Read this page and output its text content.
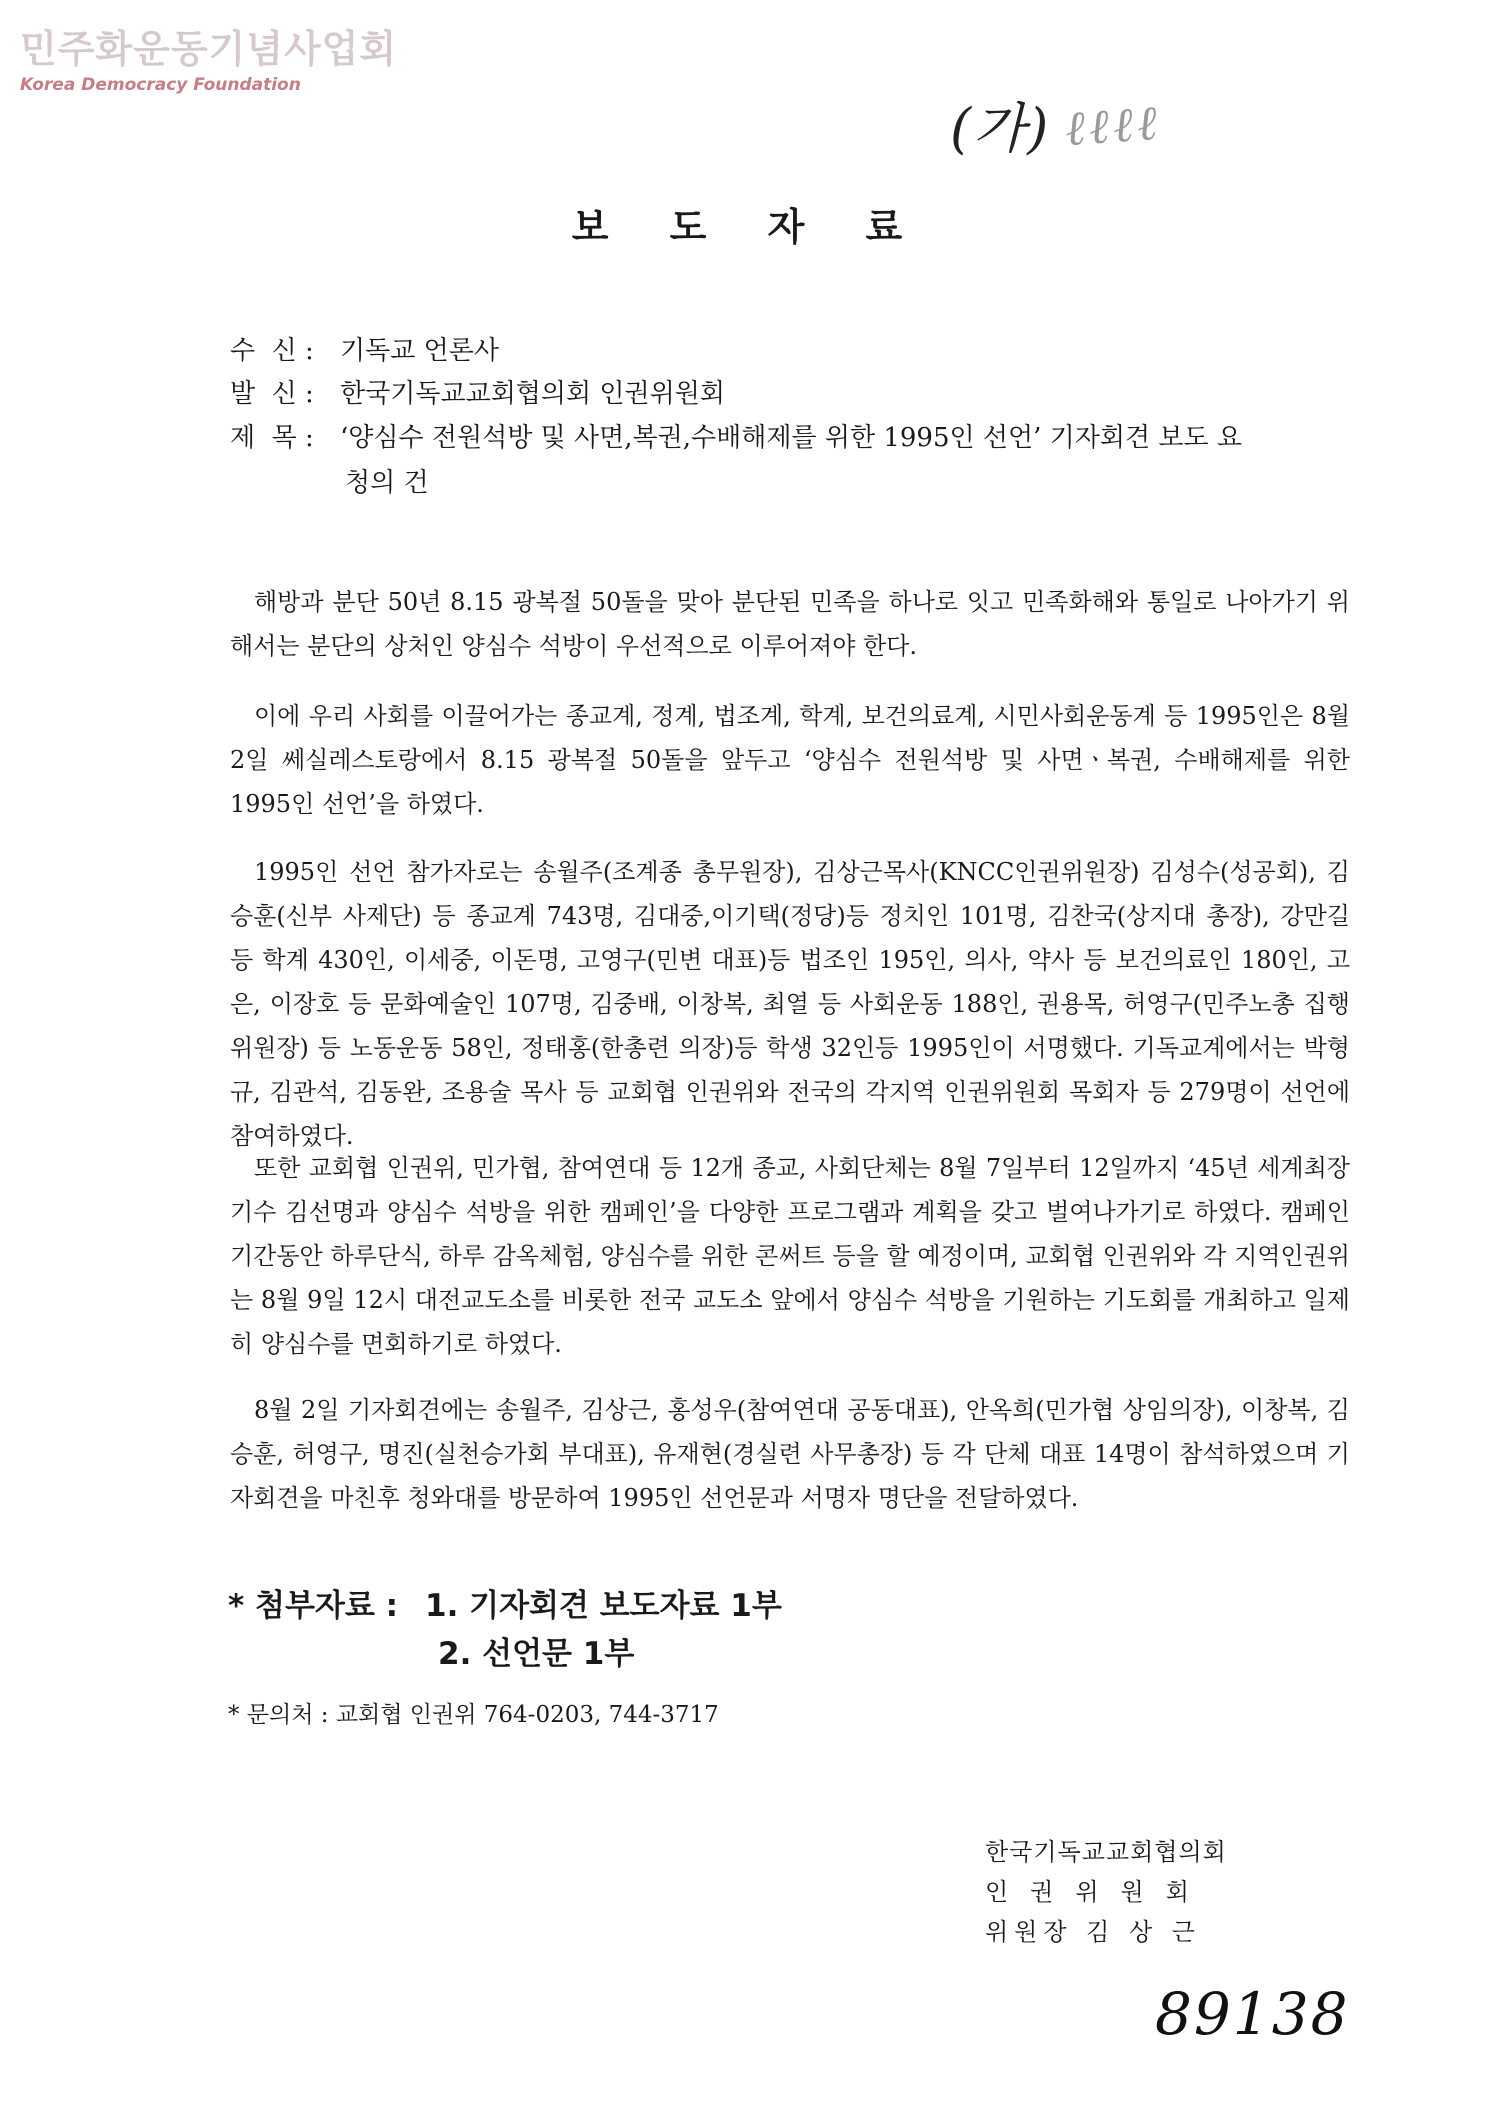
민주화운동기념사업회
Korea Democracy Foundation
(가) ℓℓℓℓ
보 도 자 료
수  신 : 기독교 언론사
발  신 : 한국기독교교회협의회 인권위원회
제  목 : ‘양심수 전원석방 및 사면,복권,수배해제를 위한 1995인 선언’ 기자회견 보도 요
청의 건
해방과 분단 50년 8.15 광복절 50돌을 맞아 분단된 민족을 하나로 잇고 민족화해와 통일로 나아가기 위해서는 분단의 상처인 양심수 석방이 우선적으로 이루어져야 한다.
이에 우리 사회를 이끌어가는 종교계, 정계, 법조계, 학계, 보건의료계, 시민사회운동계 등 1995인은 8월 2일 쎄실레스토랑에서 8.15 광복절 50돌을 앞두고 ‘양심수 전원석방 및 사면ㆍ복권, 수배해제를 위한 1995인 선언’을 하였다.
1995인 선언 참가자로는 송월주(조계종 총무원장), 김상근목사(KNCC인권위원장) 김성수(성공회), 김승훈(신부 사제단) 등 종교계 743명, 김대중,이기택(정당)등 정치인 101명, 김찬국(상지대 총장), 강만길 등 학계 430인, 이세중, 이돈명, 고영구(민변 대표)등 법조인 195인, 의사, 약사 등 보건의료인 180인, 고은, 이장호 등 문화예술인 107명, 김중배, 이창복, 최열 등 사회운동 188인, 권용목, 허영구(민주노총 집행위원장) 등 노동운동 58인, 정태홍(한총련 의장)등 학생 32인등 1995인이 서명했다. 기독교계에서는 박형규, 김관석, 김동완, 조용술 목사 등 교회협 인권위와 전국의 각지역 인권위원회 목회자 등 279명이 선언에 참여하였다.
또한 교회협 인권위, 민가협, 참여연대 등 12개 종교, 사회단체는 8월 7일부터 12일까지 ‘45년 세계최장기수 김선명과 양심수 석방을 위한 캠페인’을 다양한 프로그램과 계획을 갖고 벌여나가기로 하였다. 캠페인 기간동안 하루단식, 하루 감옥체험, 양심수를 위한 콘써트 등을 할 예정이며, 교회협 인권위와 각 지역인권위는 8월 9일 12시 대전교도소를 비롯한 전국 교도소 앞에서 양심수 석방을 기원하는 기도회를 개최하고 일제히 양심수를 면회하기로 하였다.
8월 2일 기자회견에는 송월주, 김상근, 홍성우(참여연대 공동대표), 안옥희(민가협 상임의장), 이창복, 김승훈, 허영구, 명진(실천승가회 부대표), 유재현(경실련 사무총장) 등 각 단체 대표 14명이 참석하였으며 기자회견을 마친후 청와대를 방문하여 1995인 선언문과 서명자 명단을 전달하였다.
* 첨부자료 : 1. 기자회견 보도자료 1부
2. 선언문 1부
* 문의처 : 교회협 인권위 764-0203, 744-3717
한국기독교교회협의회
인권위원회
위원장 김 상 근
89138
